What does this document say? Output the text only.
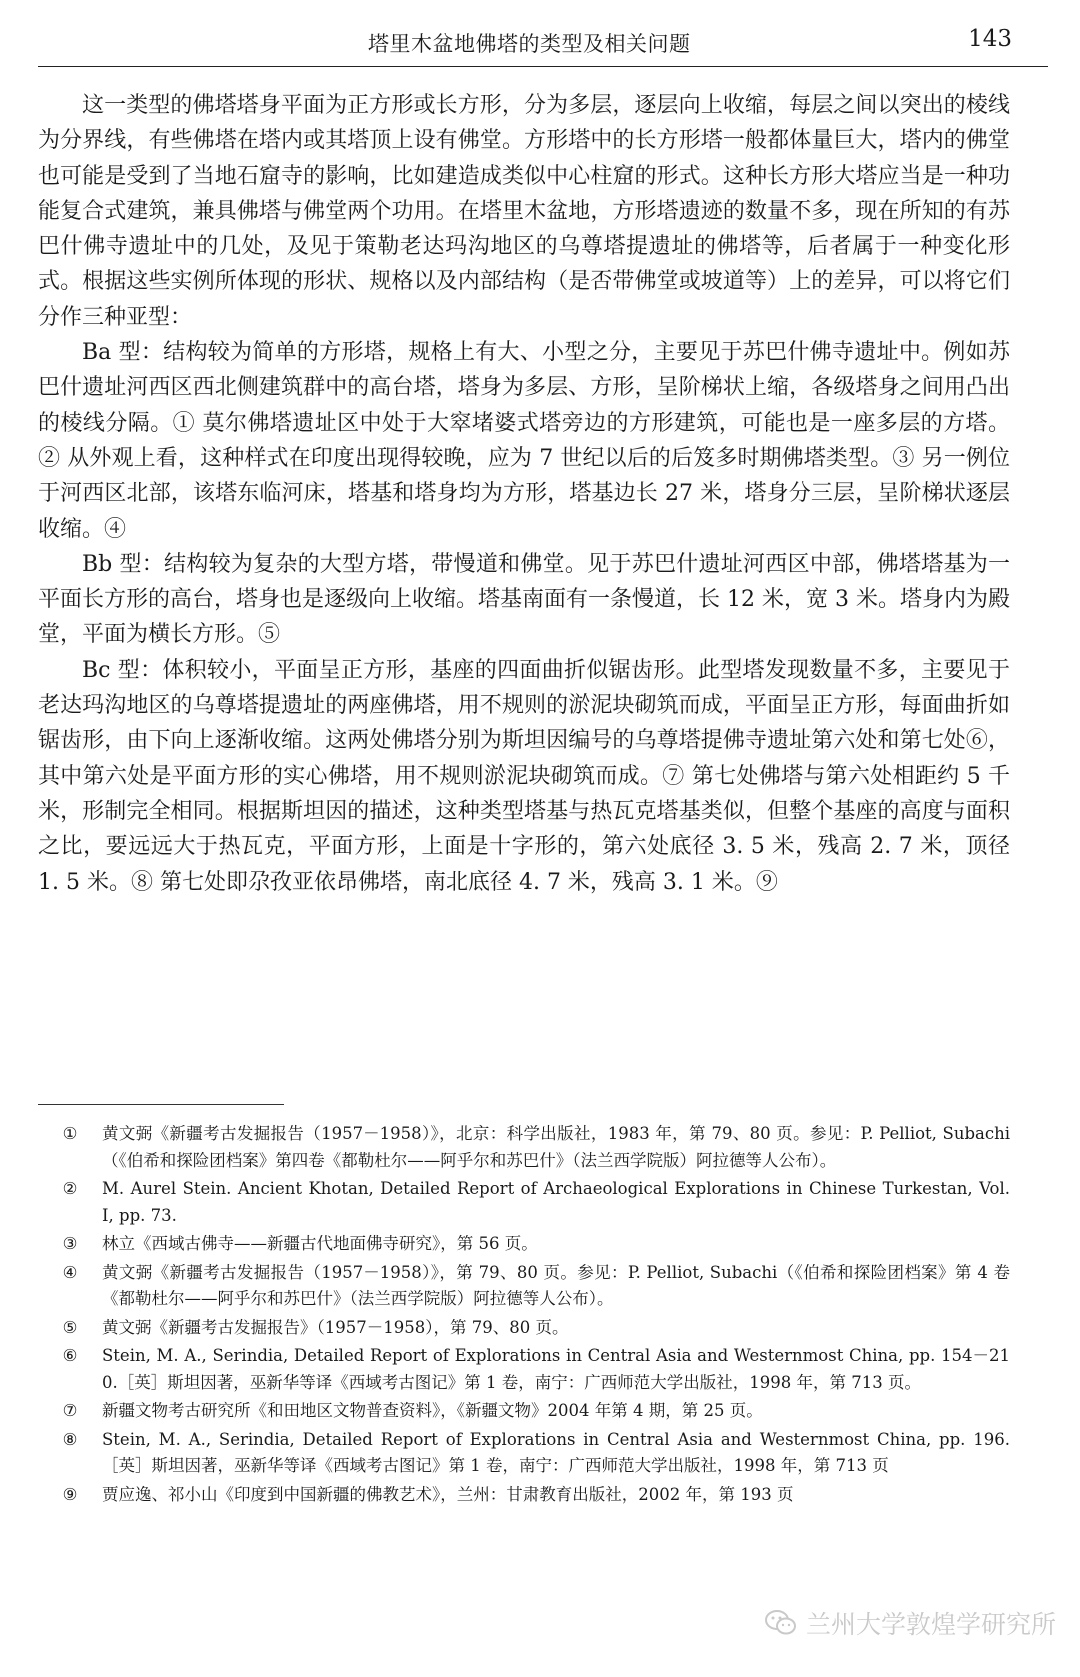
塔里木盆地佛塔的类型及相关问题	143

这一类型的佛塔塔身平面为正方形或长方形，分为多层，逐层向上收缩，每层之间以突出的棱线为分界线，有些佛塔在塔内或其塔顶上设有佛堂。方形塔中的长方形塔一般都体量巨大，塔内的佛堂也可能是受到了当地石窟寺的影响，比如建造成类似中心柱窟的形式。这种长方形大塔应当是一种功能复合式建筑，兼具佛塔与佛堂两个功用。在塔里木盆地，方形塔遗迹的数量不多，现在所知的有苏巴什佛寺遗址中的几处，及见于策勒老达玛沟地区的乌尊塔提遗址的佛塔等，后者属于一种变化形式。根据这些实例所体现的形状、规格以及内部结构（是否带佛堂或坡道等）上的差异，可以将它们分作三种亚型：

Ba 型：结构较为简单的方形塔，规格上有大、小型之分，主要见于苏巴什佛寺遗址中。例如苏巴什遗址河西区西北侧建筑群中的高台塔，塔身为多层、方形，呈阶梯状上缩，各级塔身之间用凸出的棱线分隔。① 莫尔佛塔遗址区中处于大窣堵婆式塔旁边的方形建筑，可能也是一座多层的方塔。② 从外观上看，这种样式在印度出现得较晚，应为 7 世纪以后的后笈多时期佛塔类型。③ 另一例位于河西区北部，该塔东临河床，塔基和塔身均为方形，塔基边长 27 米，塔身分三层，呈阶梯状逐层收缩。④

Bb 型：结构较为复杂的大型方塔，带慢道和佛堂。见于苏巴什遗址河西区中部，佛塔塔基为一平面长方形的高台，塔身也是逐级向上收缩。塔基南面有一条慢道，长 12 米，宽 3 米。塔身内为殿堂，平面为横长方形。⑤

Bc 型：体积较小，平面呈正方形，基座的四面曲折似锯齿形。此型塔发现数量不多，主要见于老达玛沟地区的乌尊塔提遗址的两座佛塔，用不规则的淤泥块砌筑而成，平面呈正方形，每面曲折如锯齿形，由下向上逐渐收缩。这两处佛塔分别为斯坦因编号的乌尊塔提佛寺遗址第六处和第七处⑥，其中第六处是平面方形的实心佛塔，用不规则淤泥块砌筑而成。⑦ 第七处佛塔与第六处相距约 5 千米，形制完全相同。根据斯坦因的描述，这种类型塔基与热瓦克塔基类似，但整个基座的高度与面积之比，要远远大于热瓦克，平面方形，上面是十字形的，第六处底径 3. 5 米，残高 2. 7 米，顶径 1. 5 米。⑧ 第七处即尕孜亚依昂佛塔，南北底径 4. 7 米，残高 3. 1 米。⑨

①	黄文弼《新疆考古发掘报告（1957－1958）》，北京：科学出版社，1983 年，第 79、80 页。参见：P. Pelliot, Subachi（《伯希和探险团档案》第四卷《都勒杜尔——阿乎尔和苏巴什》（法兰西学院版）阿拉德等人公布）。
②	M. Aurel Stein. Ancient Khotan, Detailed Report of Archaeological Explorations in Chinese Turkestan, Vol. I, pp. 73.
③	林立《西域古佛寺——新疆古代地面佛寺研究》，第 56 页。
④	黄文弼《新疆考古发掘报告（1957－1958）》，第 79、80 页。参见：P. Pelliot, Subachi（《伯希和探险团档案》第 4 卷《都勒杜尔——阿乎尔和苏巴什》（法兰西学院版）阿拉德等人公布）。
⑤	黄文弼《新疆考古发掘报告》（1957－1958），第 79、80 页。
⑥	Stein, M. A., Serindia, Detailed Report of Explorations in Central Asia and Westernmost China, pp. 154－210.［英］斯坦因著，巫新华等译《西域考古图记》第 1 卷，南宁：广西师范大学出版社，1998 年，第 713 页。
⑦	新疆文物考古研究所《和田地区文物普查资料》，《新疆文物》2004 年第 4 期，第 25 页。
⑧	Stein, M. A., Serindia, Detailed Report of Explorations in Central Asia and Westernmost China, pp. 196.［英］斯坦因著，巫新华等译《西域考古图记》第 1 卷，南宁：广西师范大学出版社，1998 年，第 713 页
⑨	贾应逸、祁小山《印度到中国新疆的佛教艺术》，兰州：甘肃教育出版社，2002 年，第 193 页
兰州大学敦煌学研究所
